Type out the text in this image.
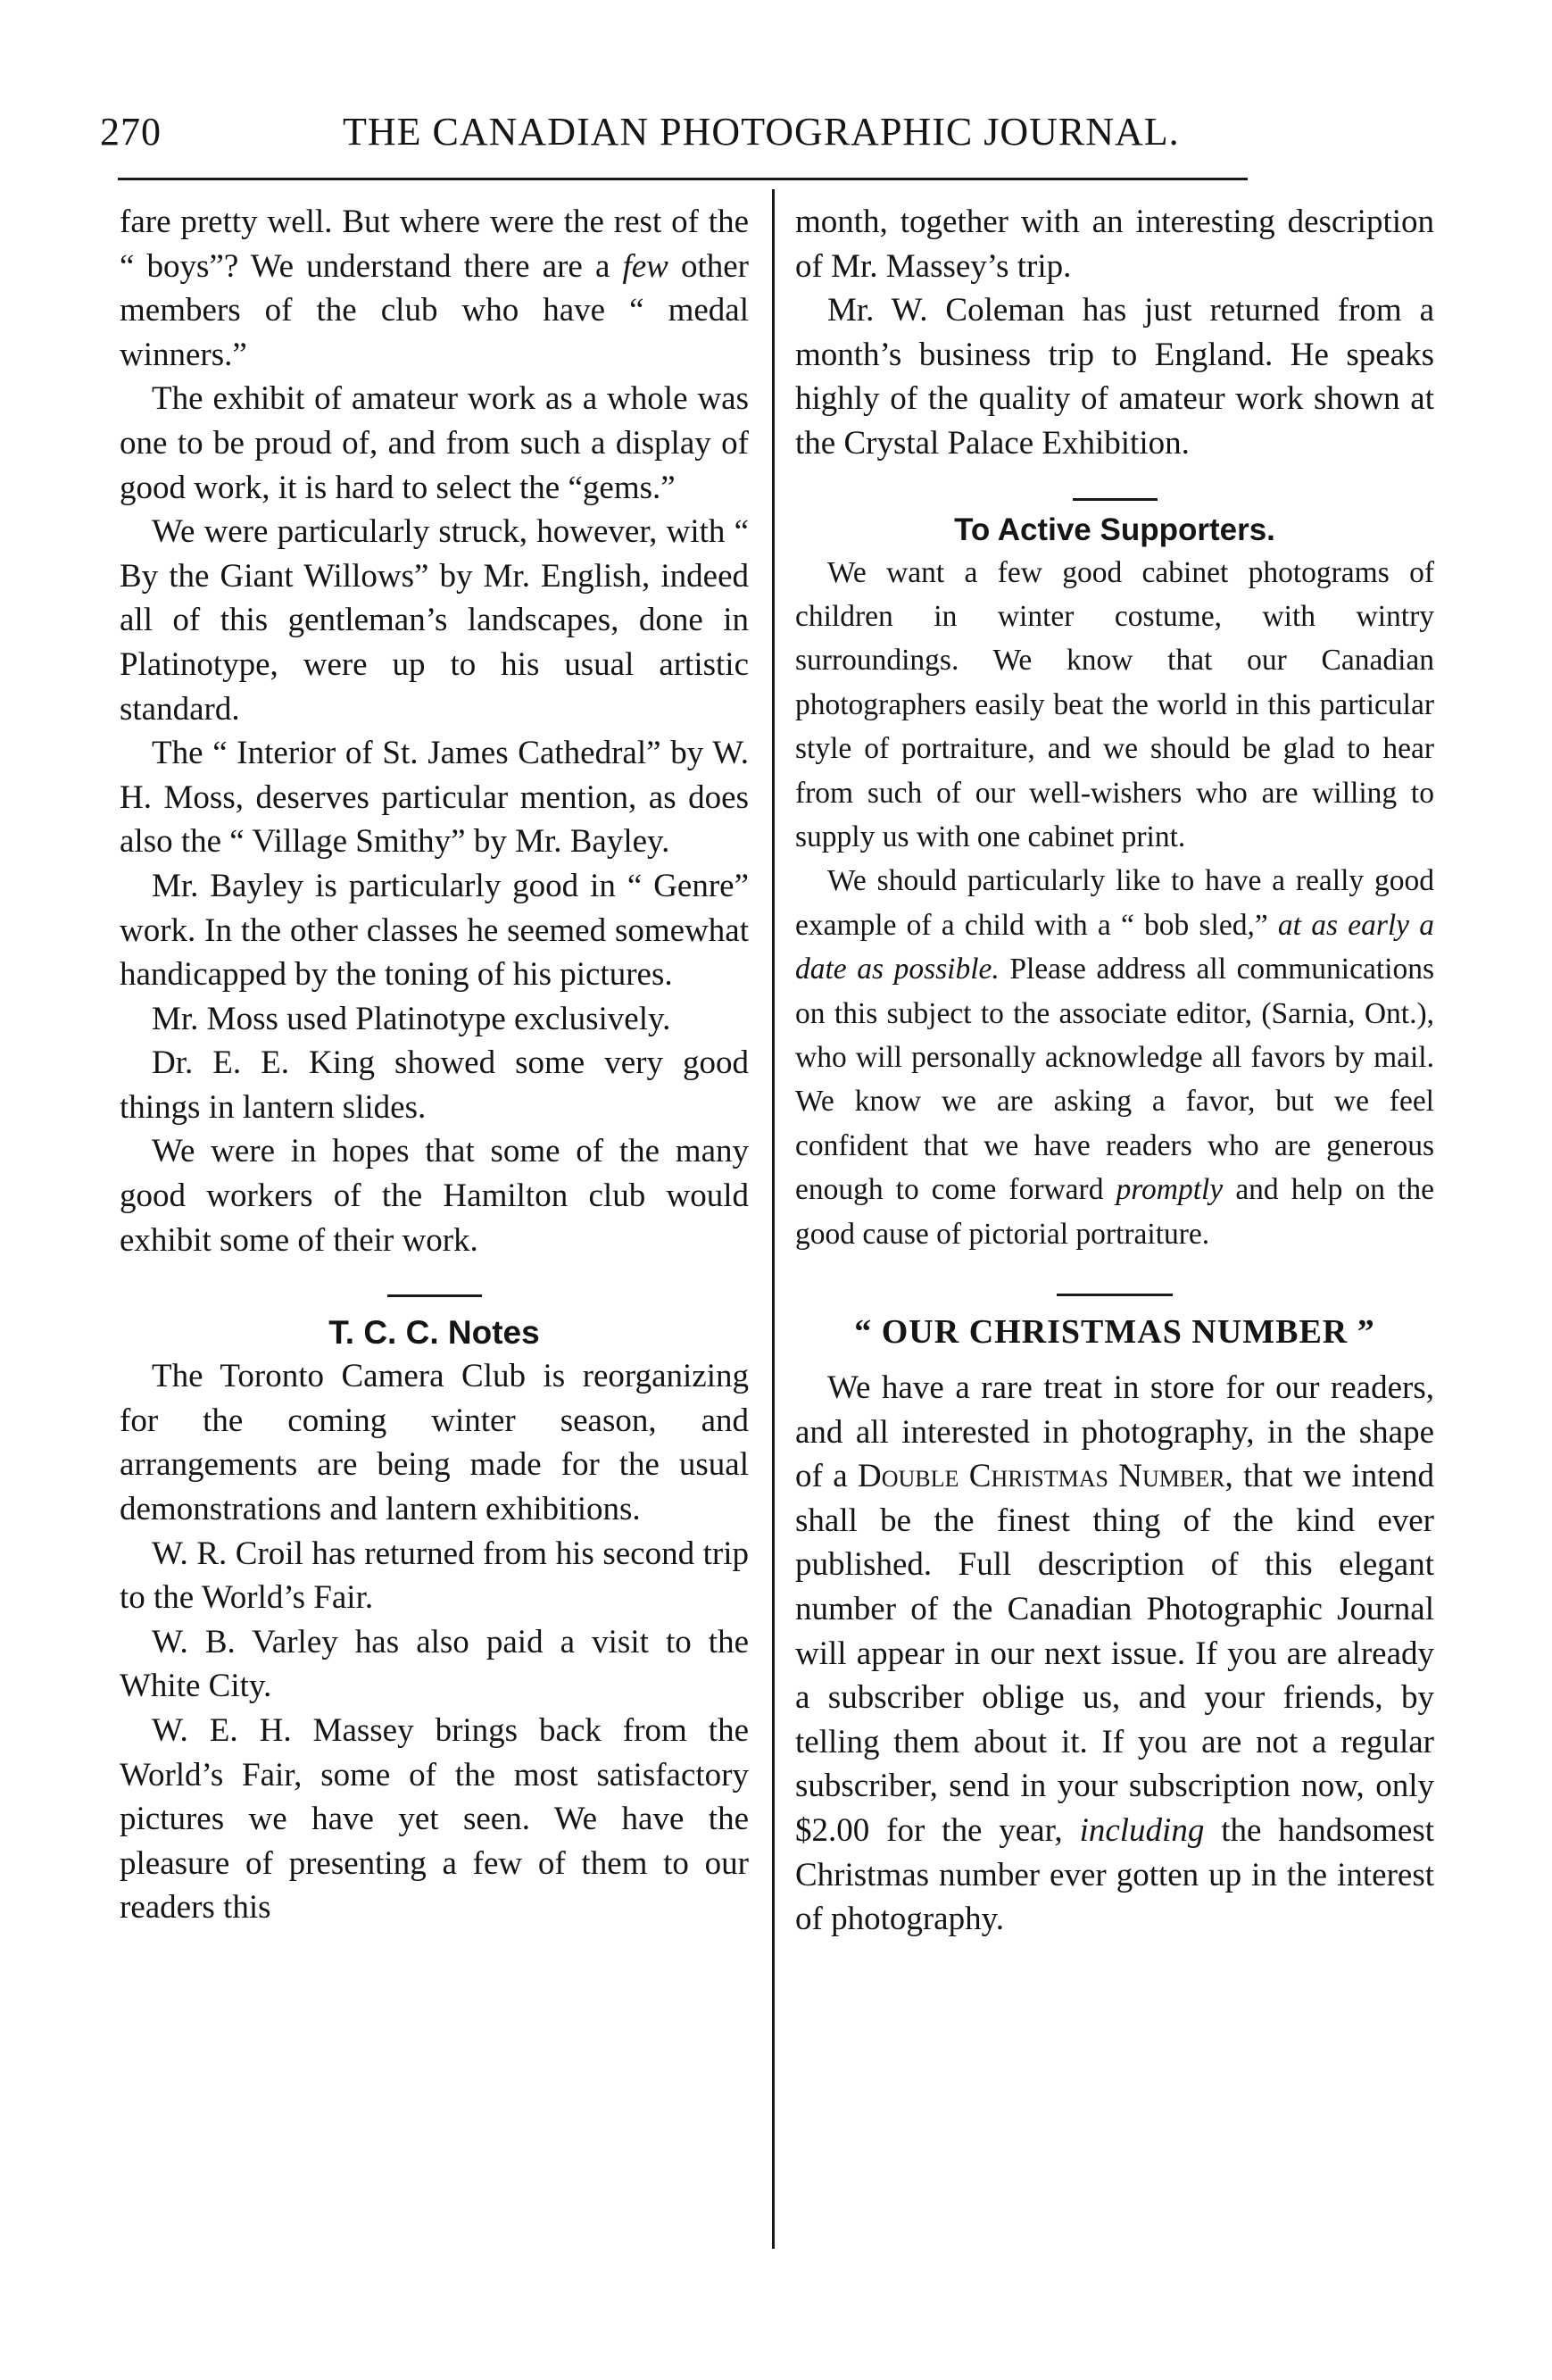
270	THE CANADIAN PHOTOGRAPHIC JOURNAL.

fare pretty well. But where were the rest of the “ boys”? We understand there are a few other members of the club who have “ medal winners.”

The exhibit of amateur work as a whole was one to be proud of, and from such a display of good work, it is hard to select the “gems.”

We were particularly struck, however, with “ By the Giant Willows” by Mr. English, indeed all of this gentleman’s landscapes, done in Platinotype, were up to his usual artistic standard.

The “ Interior of St. James Cathedral” by W. H. Moss, deserves particular mention, as does also the “ Village Smithy” by Mr. Bayley.

Mr. Bayley is particularly good in “ Genre” work. In the other classes he seemed somewhat handicapped by the toning of his pictures.

Mr. Moss used Platinotype exclusively.

Dr. E. E. King showed some very good things in lantern slides.

We were in hopes that some of the many good workers of the Hamilton club would exhibit some of their work.

T. C. C. Notes

The Toronto Camera Club is reorganizing for the coming winter season, and arrangements are being made for the usual demonstrations and lantern exhibitions.

W. R. Croil has returned from his second trip to the World’s Fair.

W. B. Varley has also paid a visit to the White City.

W. E. H. Massey brings back from the World’s Fair, some of the most satisfactory pictures we have yet seen. We have the pleasure of presenting a few of them to our readers this

month, together with an interesting description of Mr. Massey’s trip.

Mr. W. Coleman has just returned from a month’s business trip to England. He speaks highly of the quality of amateur work shown at the Crystal Palace Exhibition.

To Active Supporters.

We want a few good cabinet photograms of children in winter costume, with wintry surroundings. We know that our Canadian photographers easily beat the world in this particular style of portraiture, and we should be glad to hear from such of our well-wishers who are willing to supply us with one cabinet print.

We should particularly like to have a really good example of a child with a “ bob sled,” at as early a date as possible. Please address all communications on this subject to the associate editor, (Sarnia, Ont.), who will personally acknowledge all favors by mail. We know we are asking a favor, but we feel confident that we have readers who are generous enough to come forward promptly and help on the good cause of pictorial portraiture.

“ OUR CHRISTMAS NUMBER ”

We have a rare treat in store for our readers, and all interested in photography, in the shape of a Double Christmas Number, that we intend shall be the finest thing of the kind ever published. Full description of this elegant number of the Canadian Photographic Journal will appear in our next issue. If you are already a subscriber oblige us, and your friends, by telling them about it. If you are not a regular subscriber, send in your subscription now, only $2.00 for the year, including the handsomest Christmas number ever gotten up in the interest of photography.
